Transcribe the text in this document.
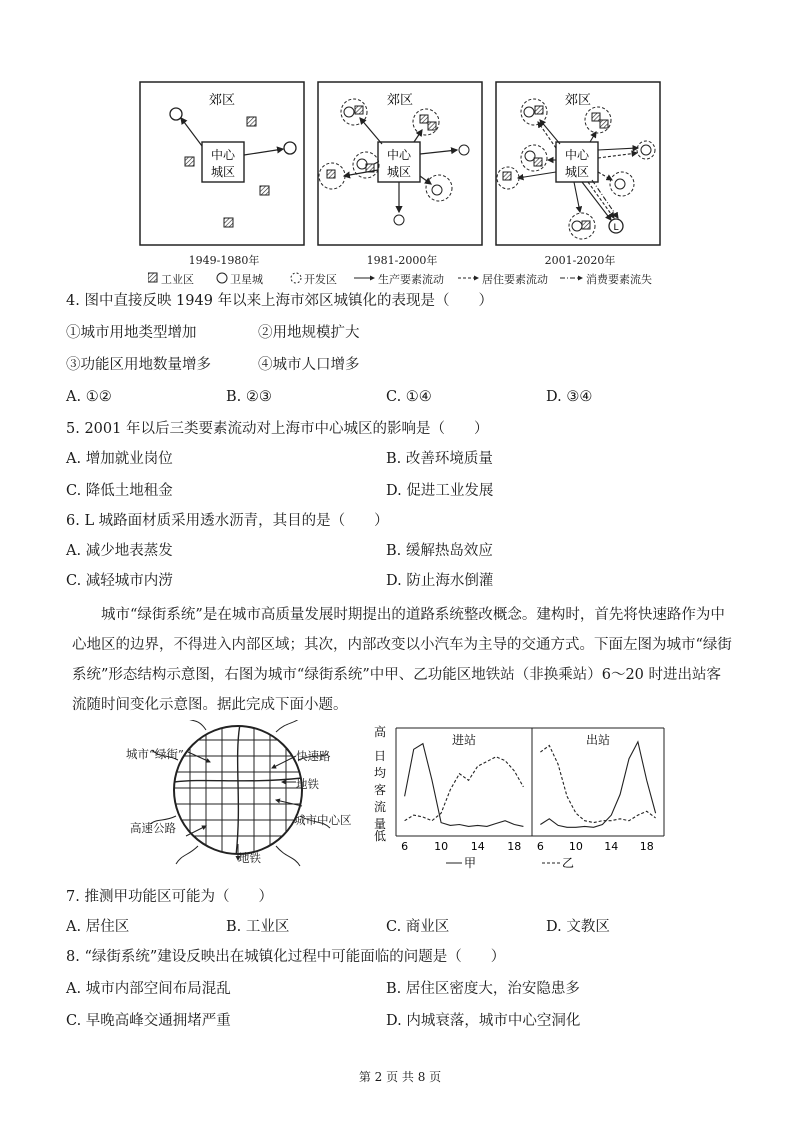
郊区
中心
城区
郊区
中心
城区
郊区
中心
城区
L
1949-1980年	1981-2000年	2001-2020年
工业区	卫星城	开发区	生产要素流动	居住要素流动	消费要素流失
4. 图中直接反映 1949 年以来上海市郊区城镇化的表现是（　　）
①城市用地类型增加	②用地规模扩大
③功能区用地数量增多	④城市人口增多
A. ①②	B. ②③	C. ①④	D. ③④
5. 2001 年以后三类要素流动对上海市中心城区的影响是（　　）
A. 增加就业岗位	B. 改善环境质量
C. 降低土地租金	D. 促进工业发展
6. L 城路面材质采用透水沥青，其目的是（　　）
A. 减少地表蒸发	B. 缓解热岛效应
C. 减轻城市内涝	D. 防止海水倒灌

城市“绿街系统”是在城市高质量发展时期提出的道路系统整改概念。建构时，首先将快速路作为中心地区的边界，不得进入内部区域；其次，内部改变以小汽车为主导的交通方式。下面左图为城市“绿街系统”形态结构示意图，右图为城市“绿街系统”中甲、乙功能区地铁站（非换乘站）6～20 时进出站客流随时间变化示意图。据此完成下面小题。

城市“绿街”	快速路
地铁
城市中心区
高速公路
地铁
高
日
均
客
流
量
低
进站
6 10 14 18
出站
6 10 14 18
甲	乙
7. 推测甲功能区可能为（　　）
A. 居住区	B. 工业区	C. 商业区	D. 文教区
8. “绿街系统”建设反映出在城镇化过程中可能面临的问题是（　　）
A. 城市内部空间布局混乱	B. 居住区密度大，治安隐患多
C. 早晚高峰交通拥堵严重	D. 内城衰落，城市中心空洞化
第 2 页 共 8 页
